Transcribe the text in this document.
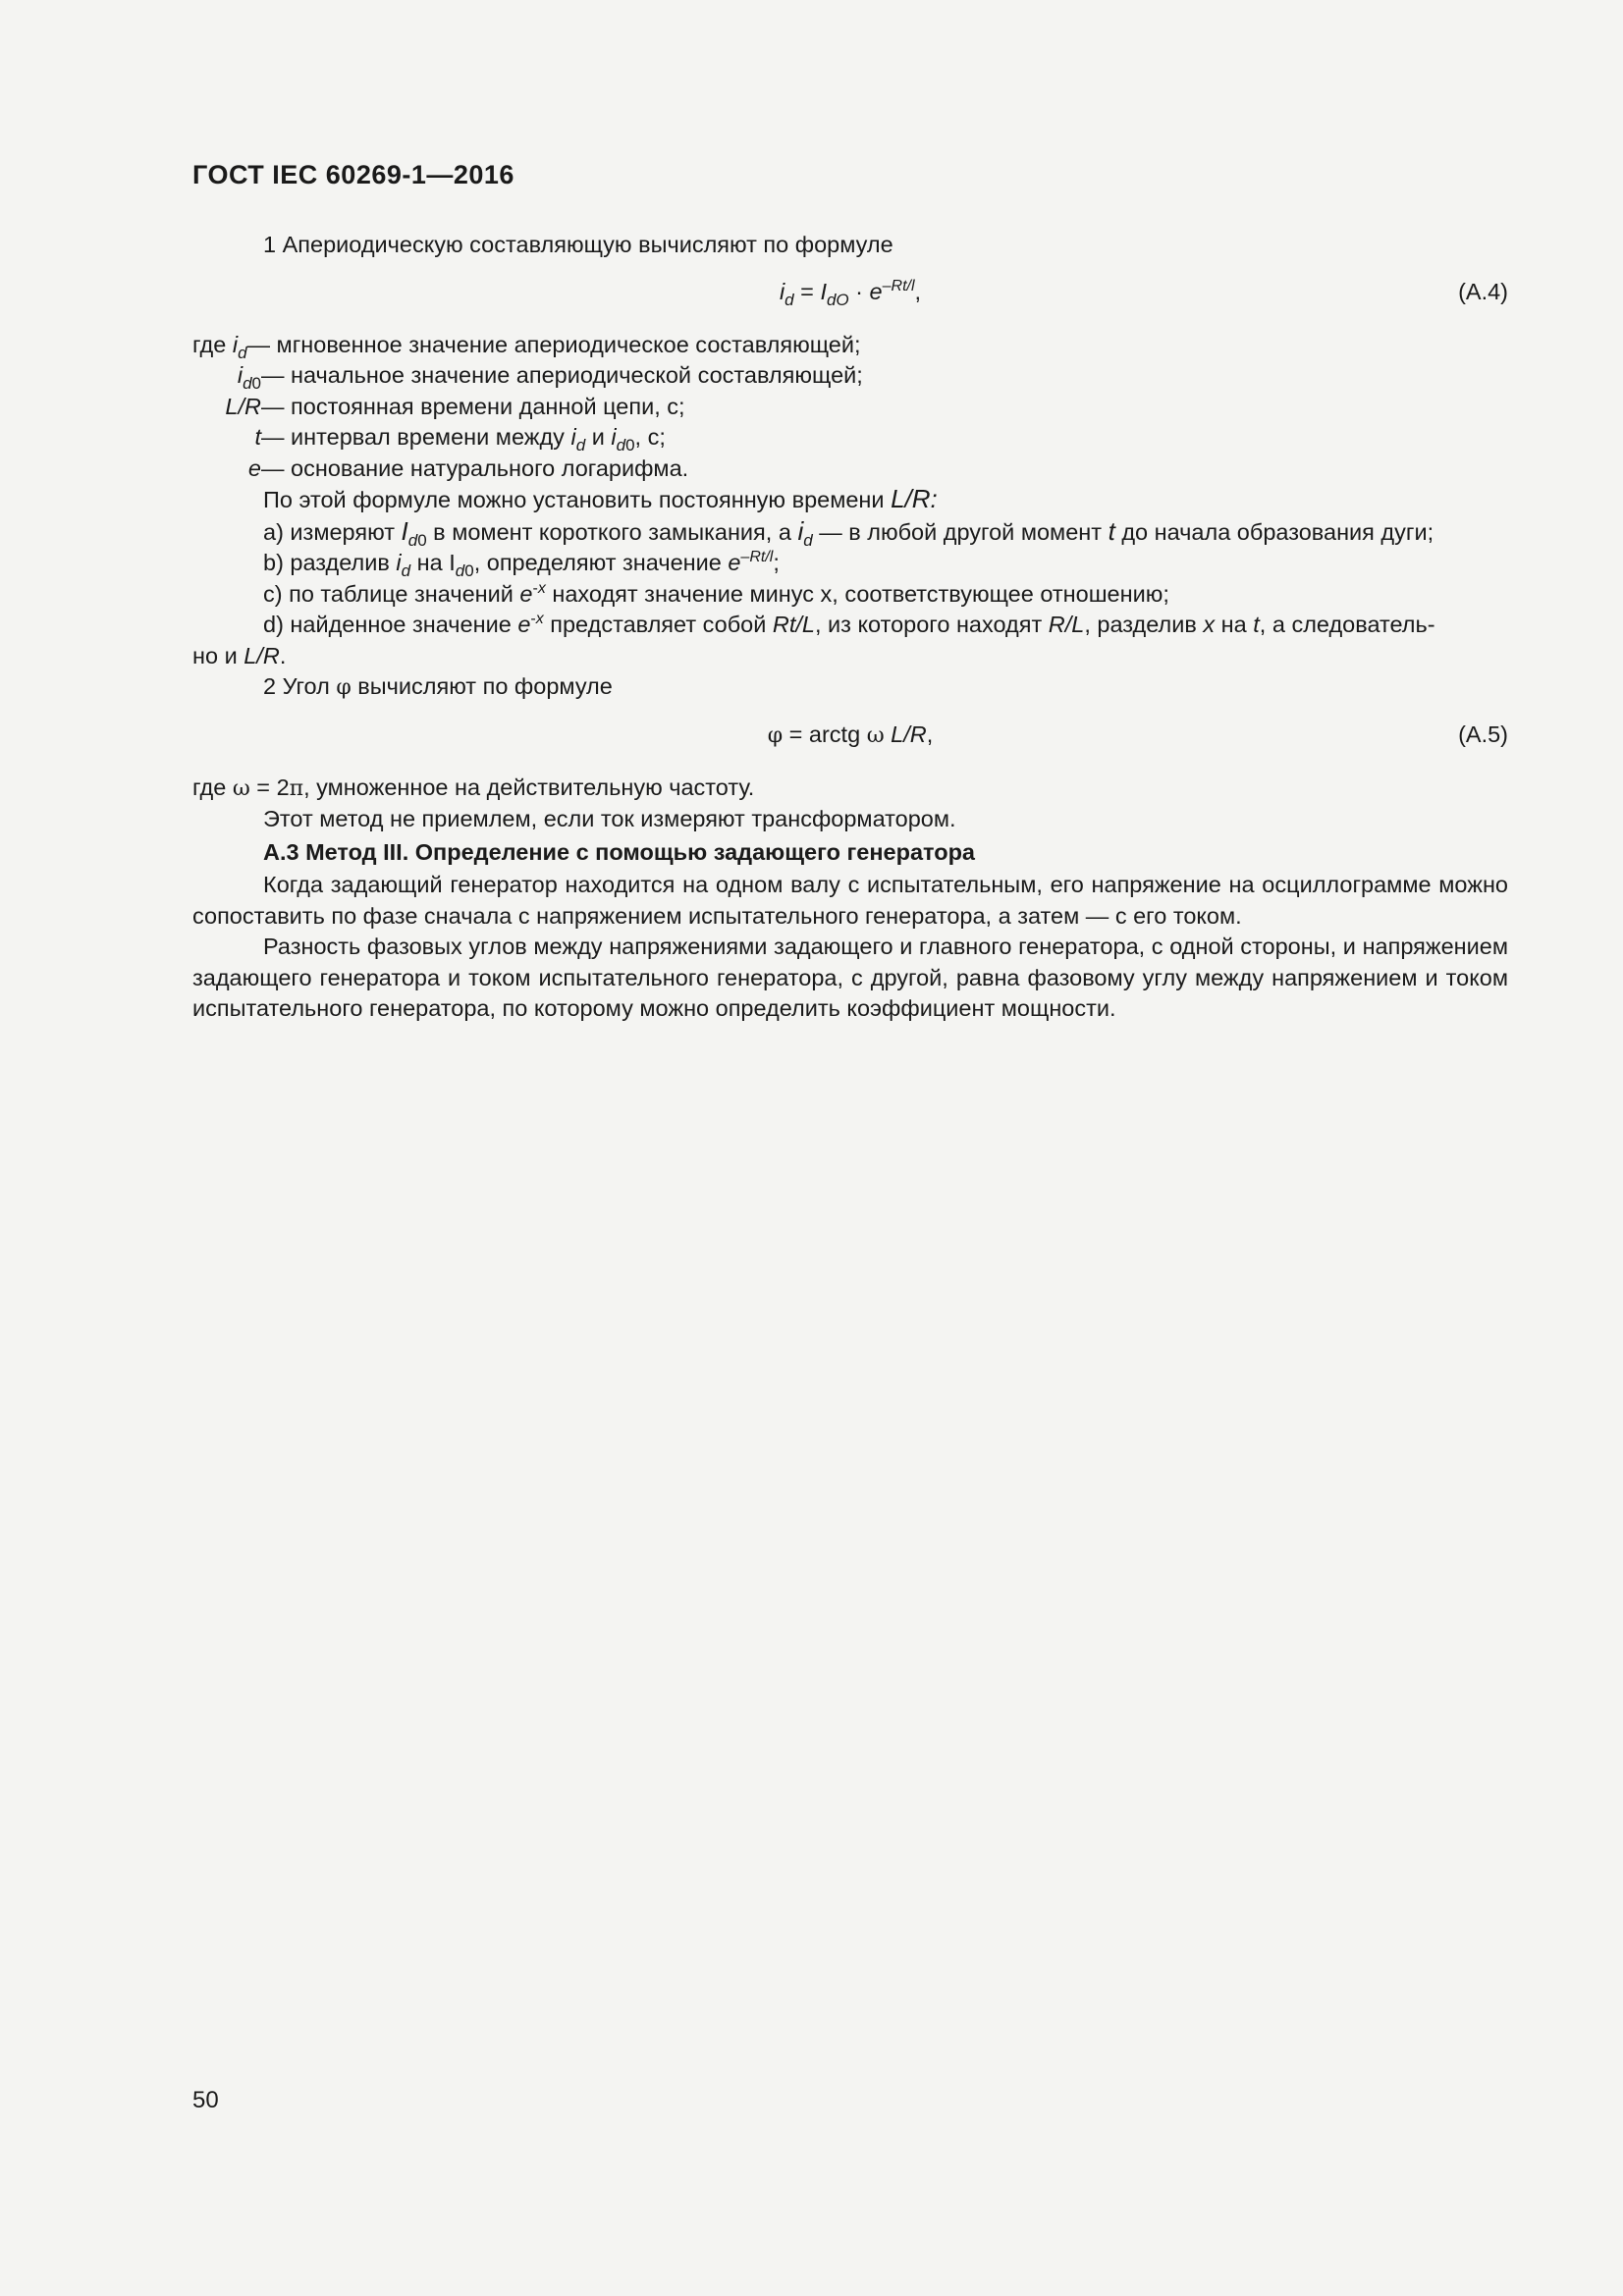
ГОСТ IEC 60269-1—2016

1 Апериодическую составляющую вычисляют по формуле

$i_d = I_{dO} \cdot e^{-Rt/l}$,	(А.4)
где $i_d$ — мгновенное значение апериодическое составляющей;
$i_{d0}$ — начальное значение апериодической составляющей;
L/R — постоянная времени данной цепи, с;
t — интервал времени между $i_d$ и $i_{d0}$, с;
е — основание натурального логарифма.

По этой формуле можно установить постоянную времени L/R:

а) измеряют $I_{d0}$ в момент короткого замыкания, а $i_d$ — в любой другой момент t до начала образования дуги;

b) разделив $i_d$ на $I_{d0}$, определяют значение $e^{-Rt/l}$;

с) по таблице значений $е^{-x}$ находят значение минус х, соответствующее отношению;

d) найденное значение $е^{-x}$ представляет собой Rt/L, из которого находят R/L, разделив х на t, а следователь-

но и L/R.

2 Угол φ вычисляют по формуле

φ = arctg ω L/R,	(А.5)

где ω = 2π, умноженное на действительную частоту.

Этот метод не приемлем, если ток измеряют трансформатором.

А.3 Метод III. Определение с помощью задающего генератора

Когда задающий генератор находится на одном валу с испытательным, его напряжение на осциллограмме можно сопоставить по фазе сначала с напряжением испытательного генератора, а затем — с его током.

Разность фазовых углов между напряжениями задающего и главного генератора, с одной стороны, и напряжением задающего генератора и током испытательного генератора, с другой, равна фазовому углу между напряжением и током испытательного генератора, по которому можно определить коэффициент мощности.

50
